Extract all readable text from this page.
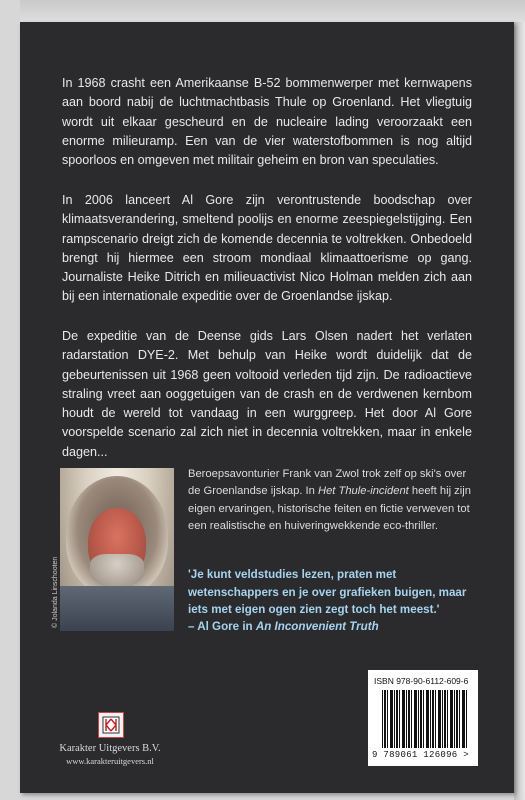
In 1968 crasht een Amerikaanse B-52 bommenwerper met kernwapens aan boord nabij de luchtmachtbasis Thule op Groenland. Het vliegtuig wordt uit elkaar gescheurd en de nucleaire lading veroorzaakt een enorme milieuramp. Een van de vier waterstofbommen is nog altijd spoorloos en omgeven met militair geheim en bron van speculaties.

In 2006 lanceert Al Gore zijn verontrustende boodschap over klimaatsverandering, smeltend poolijs en enorme zeespiegelstijging. Een rampscenario dreigt zich de komende decennia te voltrekken. Onbedoeld brengt hij hiermee een stroom mondiaal klimaattoerisme op gang. Journaliste Heike Ditrich en milieuactivist Nico Holman melden zich aan bij een internationale expeditie over de Groenlandse ijskap.

De expeditie van de Deense gids Lars Olsen nadert het verlaten radarstation DYE-2. Met behulp van Heike wordt duidelijk dat de gebeurtenissen uit 1968 geen voltooid verleden tijd zijn. De radioactieve straling vreet aan ooggetuigen van de crash en de verdwenen kernbom houdt de wereld tot vandaag in een wurggreep. Het door Al Gore voorspelde scenario zal zich niet in decennia voltrekken, maar in enkele dagen...

© Jolanda Linschooten

Beroepsavonturier Frank van Zwol trok zelf op ski's over de Groenlandse ijskap. In Het Thule-incident heeft hij zijn eigen ervaringen, historische feiten en fictie verweven tot een realistische en huiveringwekkende eco-thriller.

'Je kunt veldstudies lezen, praten met wetenschappers en je over grafieken buigen, maar iets met eigen ogen zien zegt toch het meest.'

– Al Gore in An Inconvenient Truth

ISBN 978-90-6112-609-6
9 789061 126096 >

Karakter Uitgevers B.V.
www.karakteruitgevers.nl
